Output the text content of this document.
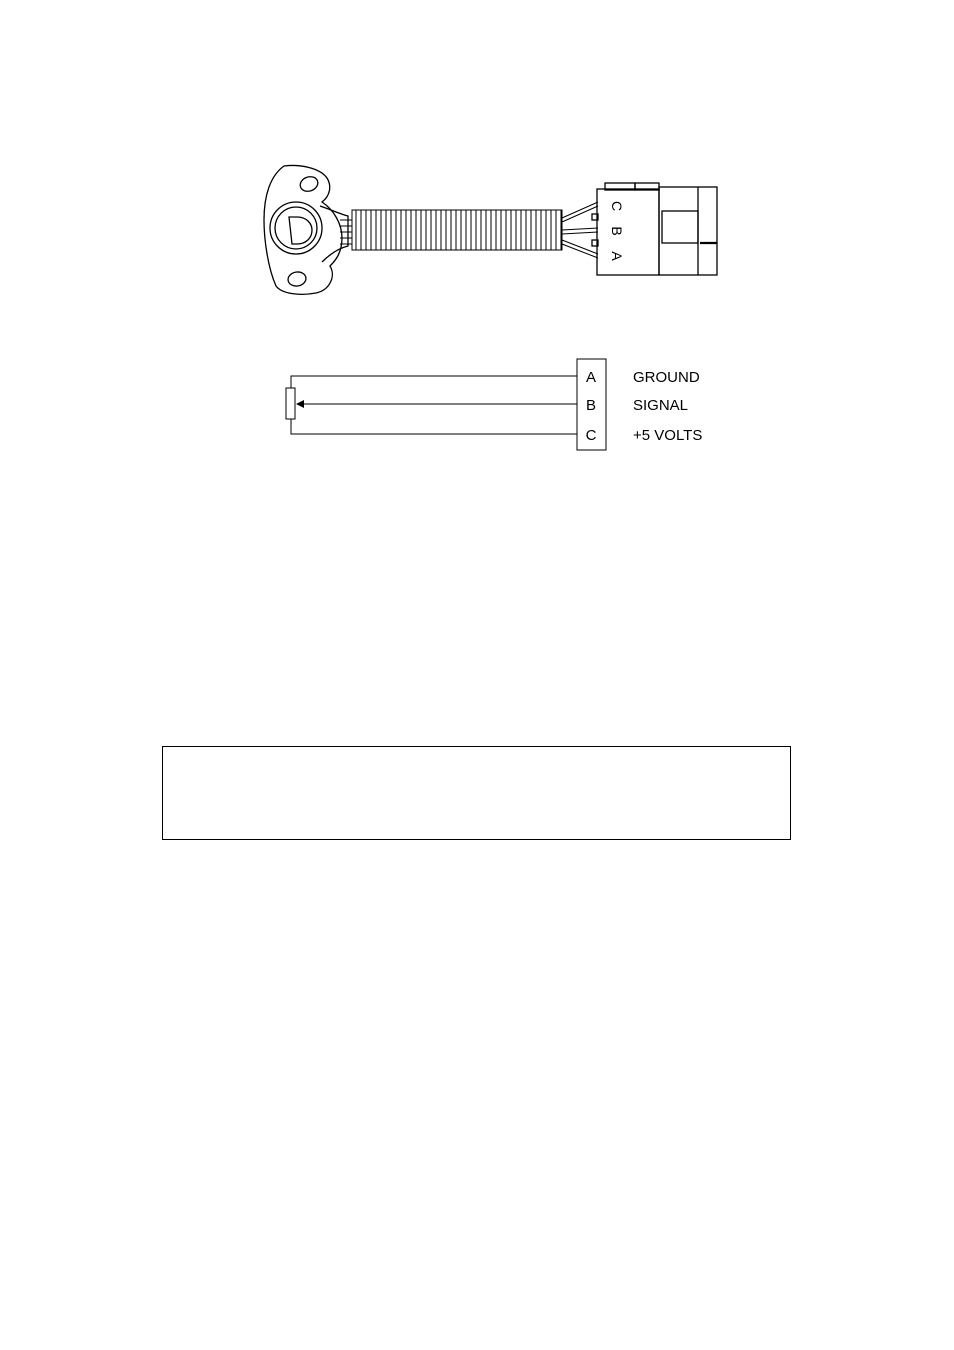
C
B
A
A
B
C
GROUND
SIGNAL
+5 VOLTS
